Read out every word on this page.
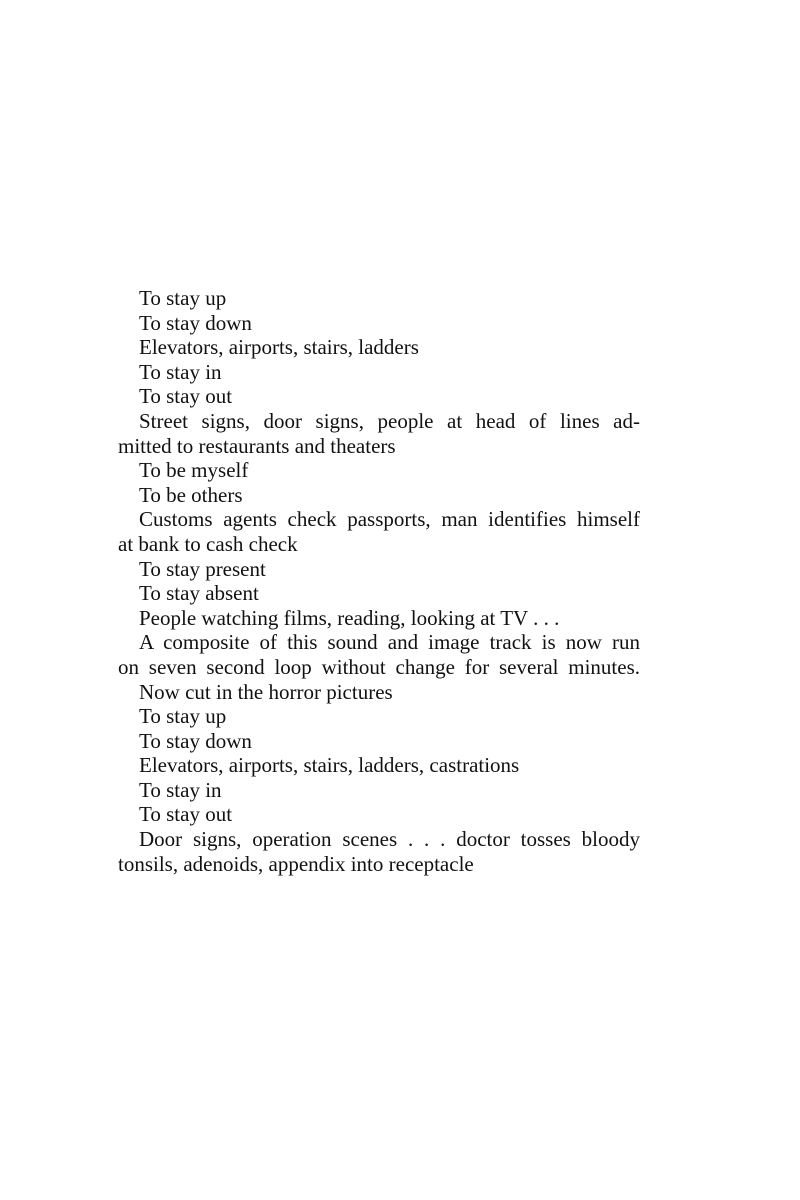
To stay up
To stay down
Elevators, airports, stairs, ladders
To stay in
To stay out
Street signs, door signs, people at head of lines ad-
mitted to restaurants and theaters
To be myself
To be others
Customs agents check passports, man identifies himself
at bank to cash check
To stay present
To stay absent
People watching films, reading, looking at TV . . .
A composite of this sound and image track is now run
on seven second loop without change for several minutes.
Now cut in the horror pictures
To stay up
To stay down
Elevators, airports, stairs, ladders, castrations
To stay in
To stay out
Door signs, operation scenes . . . doctor tosses bloody
tonsils, adenoids, appendix into receptacle
